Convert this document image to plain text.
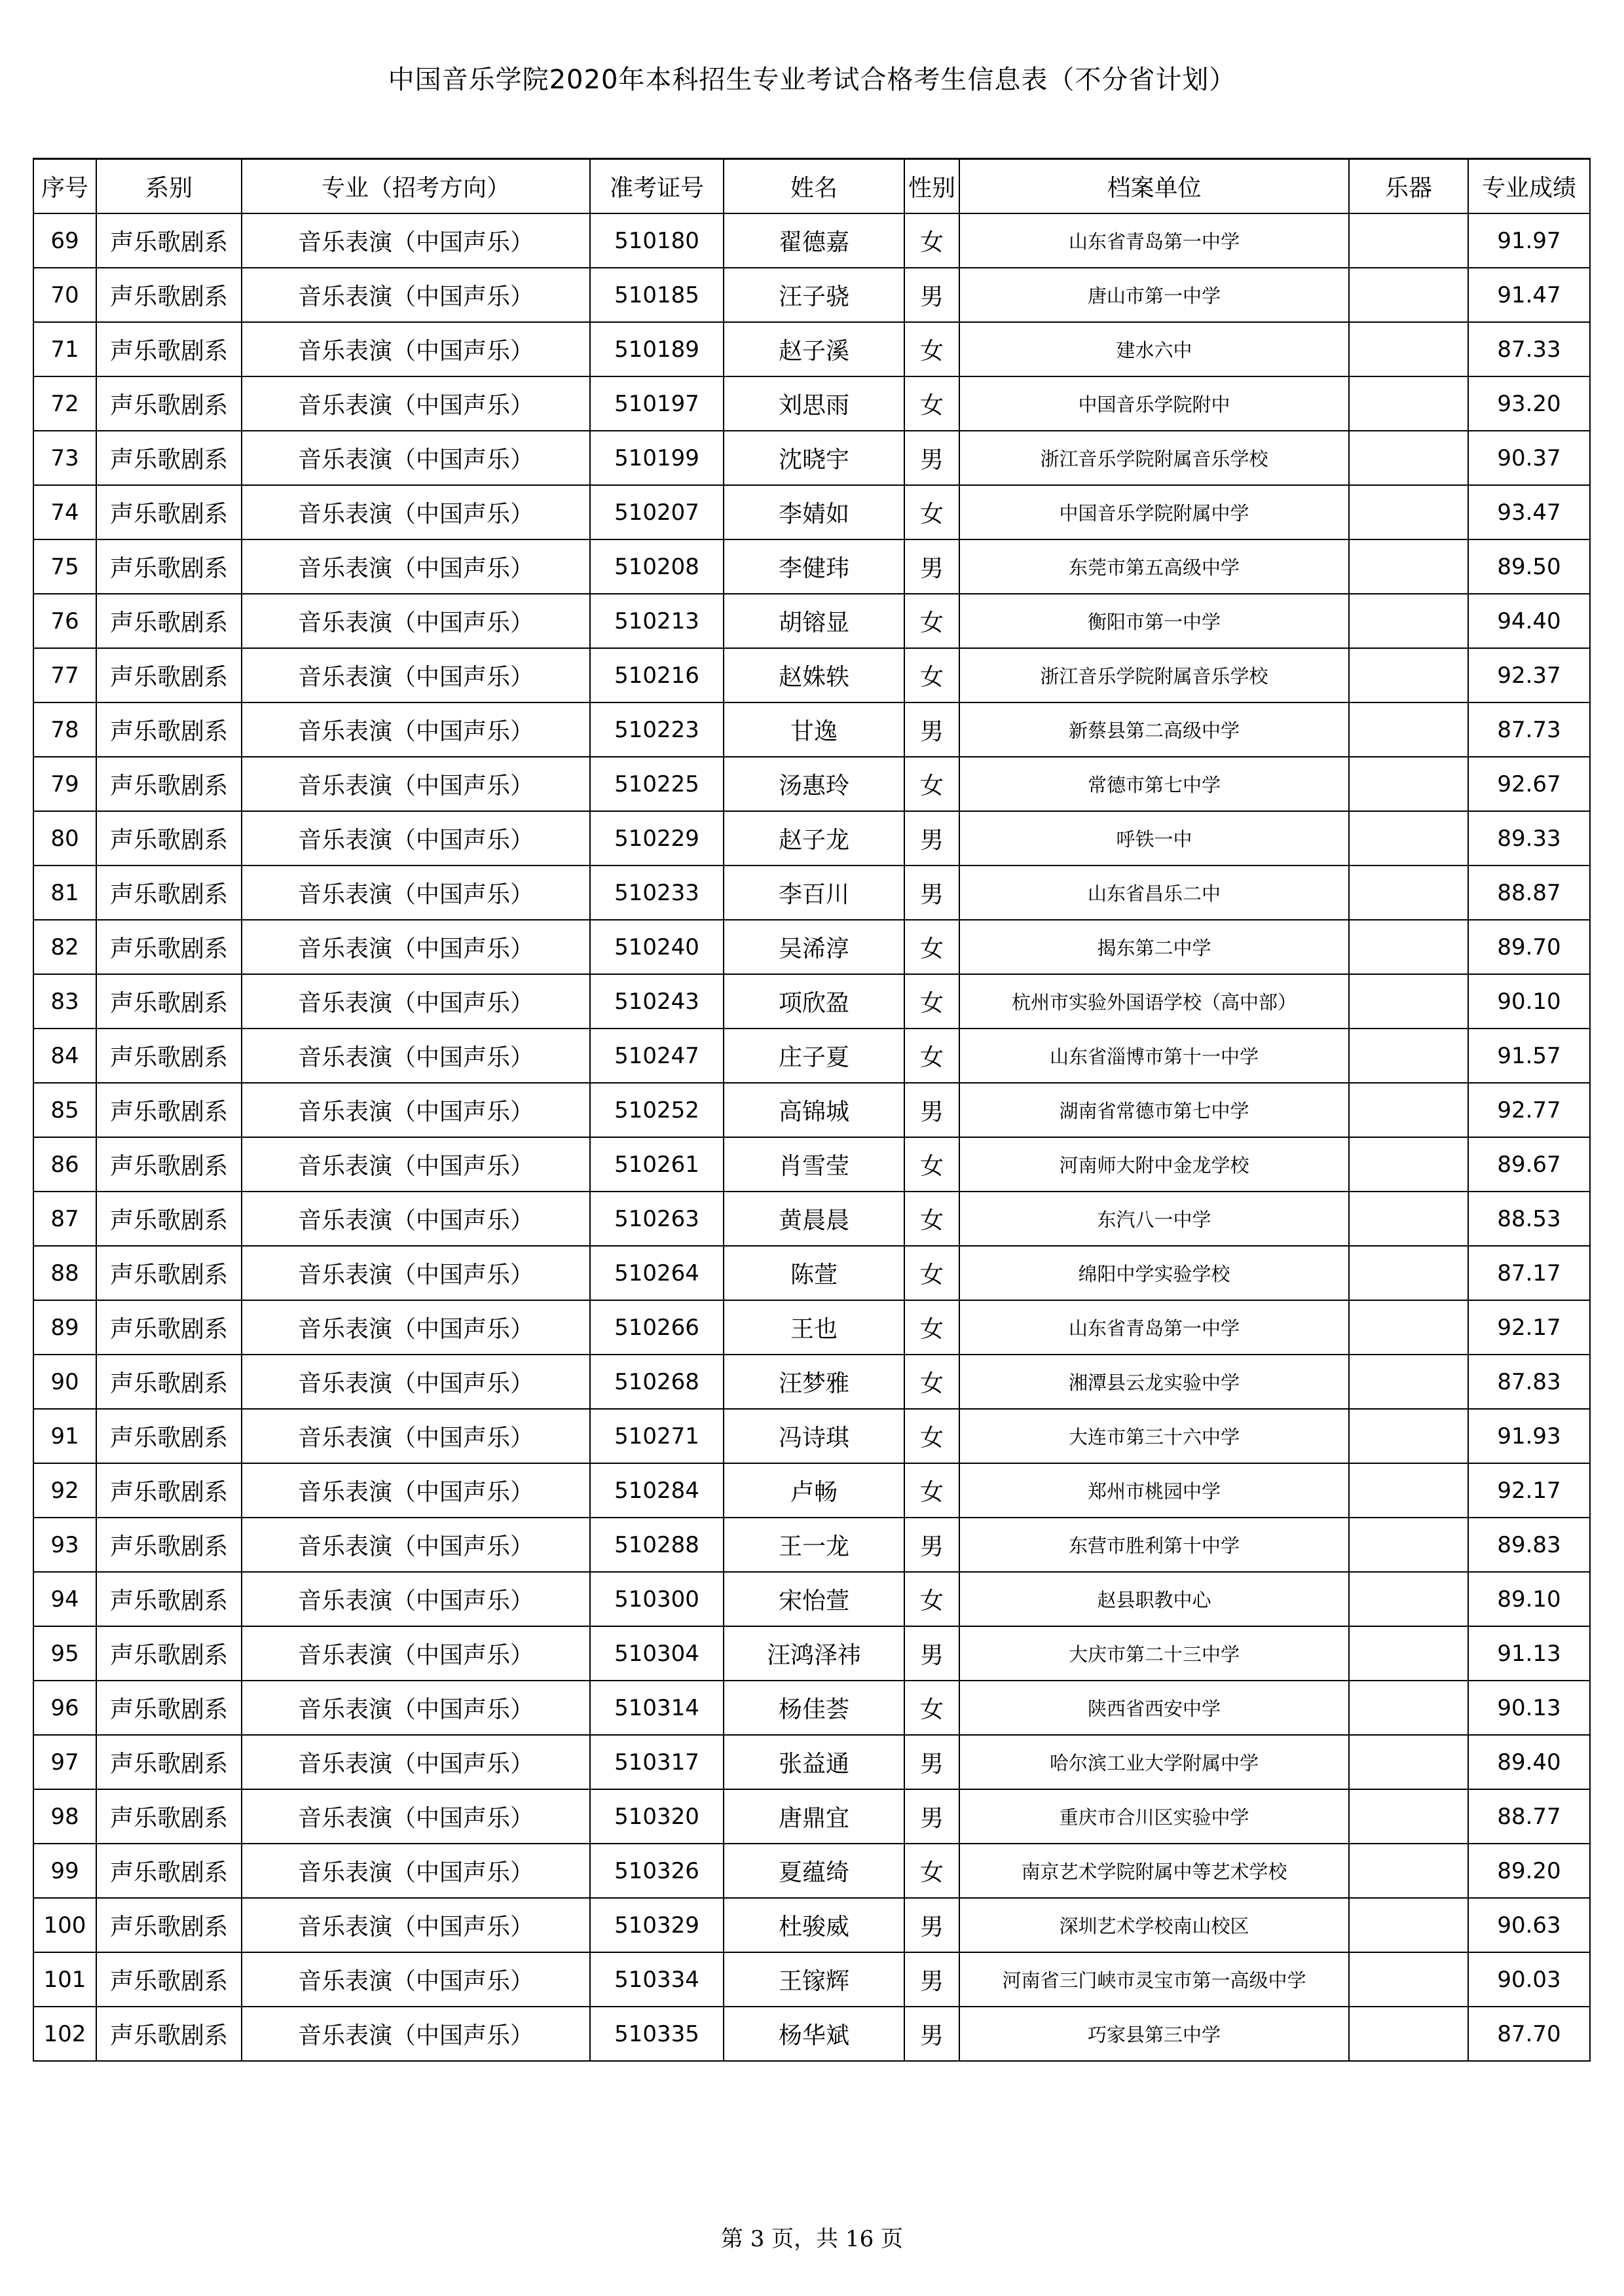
中国音乐学院2020年本科招生专业考试合格考生信息表（不分省计划）
序号	系别	专业（招考方向）	准考证号	姓名	性别	档案单位	乐器	专业成绩
69	声乐歌剧系	音乐表演（中国声乐）	510180	翟德嘉	女	山东省青岛第一中学		91.97
70	声乐歌剧系	音乐表演（中国声乐）	510185	汪子骁	男	唐山市第一中学		91.47
71	声乐歌剧系	音乐表演（中国声乐）	510189	赵子溪	女	建水六中		87.33
72	声乐歌剧系	音乐表演（中国声乐）	510197	刘思雨	女	中国音乐学院附中		93.20
73	声乐歌剧系	音乐表演（中国声乐）	510199	沈晓宇	男	浙江音乐学院附属音乐学校		90.37
74	声乐歌剧系	音乐表演（中国声乐）	510207	李婧如	女	中国音乐学院附属中学		93.47
75	声乐歌剧系	音乐表演（中国声乐）	510208	李健玮	男	东莞市第五高级中学		89.50
76	声乐歌剧系	音乐表演（中国声乐）	510213	胡镕显	女	衡阳市第一中学		94.40
77	声乐歌剧系	音乐表演（中国声乐）	510216	赵姝轶	女	浙江音乐学院附属音乐学校		92.37
78	声乐歌剧系	音乐表演（中国声乐）	510223	甘逸	男	新蔡县第二高级中学		87.73
79	声乐歌剧系	音乐表演（中国声乐）	510225	汤惠玲	女	常德市第七中学		92.67
80	声乐歌剧系	音乐表演（中国声乐）	510229	赵子龙	男	呼铁一中		89.33
81	声乐歌剧系	音乐表演（中国声乐）	510233	李百川	男	山东省昌乐二中		88.87
82	声乐歌剧系	音乐表演（中国声乐）	510240	吴浠淳	女	揭东第二中学		89.70
83	声乐歌剧系	音乐表演（中国声乐）	510243	项欣盈	女	杭州市实验外国语学校（高中部）		90.10
84	声乐歌剧系	音乐表演（中国声乐）	510247	庄子夏	女	山东省淄博市第十一中学		91.57
85	声乐歌剧系	音乐表演（中国声乐）	510252	高锦城	男	湖南省常德市第七中学		92.77
86	声乐歌剧系	音乐表演（中国声乐）	510261	肖雪莹	女	河南师大附中金龙学校		89.67
87	声乐歌剧系	音乐表演（中国声乐）	510263	黄晨晨	女	东汽八一中学		88.53
88	声乐歌剧系	音乐表演（中国声乐）	510264	陈萱	女	绵阳中学实验学校		87.17
89	声乐歌剧系	音乐表演（中国声乐）	510266	王也	女	山东省青岛第一中学		92.17
90	声乐歌剧系	音乐表演（中国声乐）	510268	汪梦雅	女	湘潭县云龙实验中学		87.83
91	声乐歌剧系	音乐表演（中国声乐）	510271	冯诗琪	女	大连市第三十六中学		91.93
92	声乐歌剧系	音乐表演（中国声乐）	510284	卢畅	女	郑州市桃园中学		92.17
93	声乐歌剧系	音乐表演（中国声乐）	510288	王一龙	男	东营市胜利第十中学		89.83
94	声乐歌剧系	音乐表演（中国声乐）	510300	宋怡萱	女	赵县职教中心		89.10
95	声乐歌剧系	音乐表演（中国声乐）	510304	汪鸿泽祎	男	大庆市第二十三中学		91.13
96	声乐歌剧系	音乐表演（中国声乐）	510314	杨佳荟	女	陕西省西安中学		90.13
97	声乐歌剧系	音乐表演（中国声乐）	510317	张益通	男	哈尔滨工业大学附属中学		89.40
98	声乐歌剧系	音乐表演（中国声乐）	510320	唐鼎宜	男	重庆市合川区实验中学		88.77
99	声乐歌剧系	音乐表演（中国声乐）	510326	夏蕴绮	女	南京艺术学院附属中等艺术学校		89.20
100	声乐歌剧系	音乐表演（中国声乐）	510329	杜骏威	男	深圳艺术学校南山校区		90.63
101	声乐歌剧系	音乐表演（中国声乐）	510334	王镓辉	男	河南省三门峡市灵宝市第一高级中学		90.03
102	声乐歌剧系	音乐表演（中国声乐）	510335	杨华斌	男	巧家县第三中学		87.70
第 3 页，共 16 页
